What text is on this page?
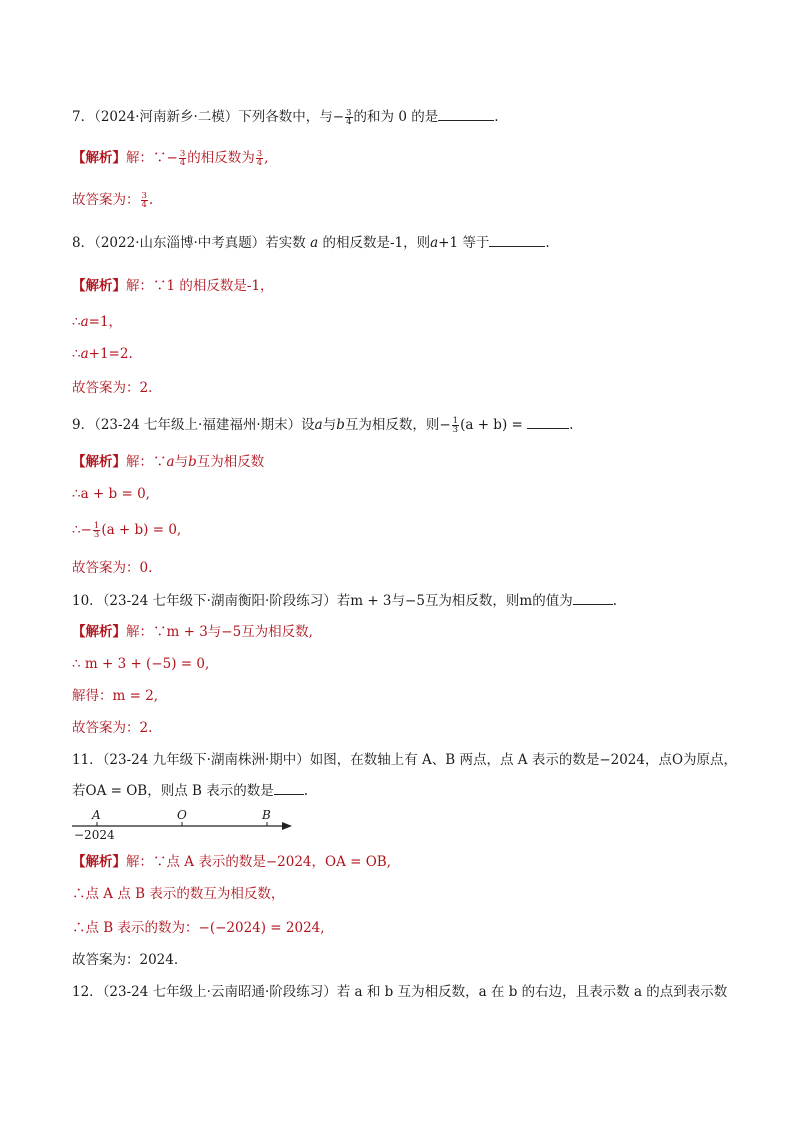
7．（2024·河南新乡·二模）下列各数中，与− $\frac{3}{4}$ 的和为 0 的是	.
【解析】解：∵− $\frac{3}{4}$ 的相反数为 $\frac{3}{4}$ ,
故答案为： $\frac{3}{4}$ .
8．（2022·山东淄博·中考真题）若实数 a 的相反数是-1，则a+1 等于	.
【解析】解：∵1 的相反数是-1，
∴a=1，
∴a+1=2.
故答案为：2．
9．（23-24 七年级上·福建福州·期末）设a与b互为相反数，则− $\frac{1}{3} (a + b)$ =	.
【解析】解：∵a与b互为相反数
∴a + b = 0,
∴− $\frac{1}{3} (a + b) = 0$,
故答案为：0.
10．（23-24 七年级下·湖南衡阳·阶段练习）若m + 3与−5互为相反数，则m的值为	.
【解析】解：∵m + 3与−5互为相反数,
∴ m + 3 + (−5) = 0,
解得：m = 2,
故答案为：2.
11．（23-24 九年级下·湖南株洲·期中）如图，在数轴上有 A、B 两点，点 A 表示的数是−2024，点O为原点，
若OA = OB，则点 B 表示的数是 .
A	O	B
−2024
【解析】解：∵点 A 表示的数是−2024，OA = OB,
∴点 A 点 B 表示的数互为相反数，
∴点 B 表示的数为：−(−2024) = 2024,
故答案为：2024.
12．（23-24 七年级上·云南昭通·阶段练习）若 a 和 b 互为相反数，a 在 b 的右边，且表示数 a 的点到表示数
